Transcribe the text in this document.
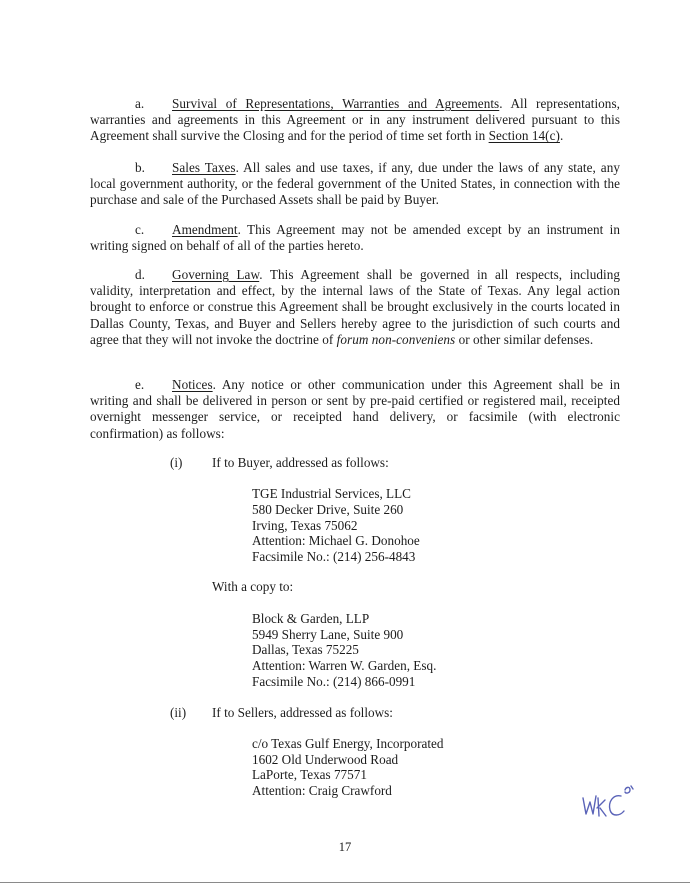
a. Survival of Representations, Warranties and Agreements. All representations, warranties and agreements in this Agreement or in any instrument delivered pursuant to this Agreement shall survive the Closing and for the period of time set forth in Section 14(c).
b. Sales Taxes. All sales and use taxes, if any, due under the laws of any state, any local government authority, or the federal government of the United States, in connection with the purchase and sale of the Purchased Assets shall be paid by Buyer.
c. Amendment. This Agreement may not be amended except by an instrument in writing signed on behalf of all of the parties hereto.
d. Governing Law. This Agreement shall be governed in all respects, including validity, interpretation and effect, by the internal laws of the State of Texas. Any legal action brought to enforce or construe this Agreement shall be brought exclusively in the courts located in Dallas County, Texas, and Buyer and Sellers hereby agree to the jurisdiction of such courts and agree that they will not invoke the doctrine of forum non-conveniens or other similar defenses.
e. Notices. Any notice or other communication under this Agreement shall be in writing and shall be delivered in person or sent by pre-paid certified or registered mail, receipted overnight messenger service, or receipted hand delivery, or facsimile (with electronic confirmation) as follows:
(i) If to Buyer, addressed as follows:
TGE Industrial Services, LLC
580 Decker Drive, Suite 260
Irving, Texas 75062
Attention: Michael G. Donohoe
Facsimile No.: (214) 256-4843
With a copy to:
Block & Garden, LLP
5949 Sherry Lane, Suite 900
Dallas, Texas 75225
Attention: Warren W. Garden, Esq.
Facsimile No.: (214) 866-0991
(ii) If to Sellers, addressed as follows:
c/o Texas Gulf Energy, Incorporated
1602 Old Underwood Road
LaPorte, Texas 77571
Attention: Craig Crawford
17
